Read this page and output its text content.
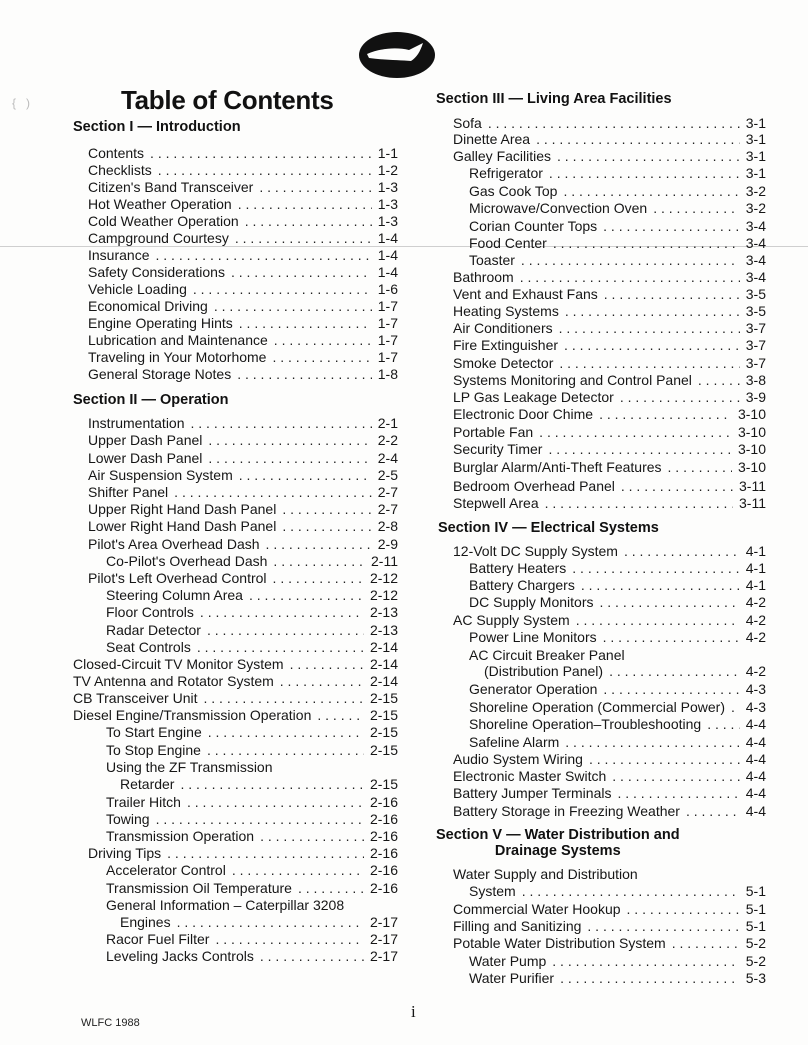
Table of Contents
{   )
Section I — Introduction
Contents . . .	1-1
Checklists . . .	1-2
Citizen's Band Transceiver . . .	1-3
Hot Weather Operation . . .	1-3
Cold Weather Operation . . .	1-3
Campground Courtesy . . .	1-4
Insurance . . .	1-4
Safety Considerations . . .	1-4
Vehicle Loading . . .	1-6
Economical Driving . . .	1-7
Engine Operating Hints . . .	1-7
Lubrication and Maintenance . . .	1-7
Traveling in Your Motorhome . . .	1-7
General Storage Notes . . .	1-8
Section II — Operation
Instrumentation . . .	2-1
Upper Dash Panel . . .	2-2
Lower Dash Panel . . .	2-4
Air Suspension System . . .	2-5
Shifter Panel . . .	2-7
Upper Right Hand Dash Panel . . .	2-7
Lower Right Hand Dash Panel . . .	2-8
Pilot's Area Overhead Dash . . .	2-9
Co-Pilot's Overhead Dash . . .	2-11
Pilot's Left Overhead Control . . .	2-12
Steering Column Area . . .	2-12
Floor Controls . . .	2-13
Radar Detector . . .	2-13
Seat Controls . . .	2-14
Closed-Circuit TV Monitor System . . .	2-14
TV Antenna and Rotator System . . .	2-14
CB Transceiver Unit . . .	2-15
Diesel Engine/Transmission Operation . . .	2-15
To Start Engine . . .	2-15
To Stop Engine . . .	2-15
Using the ZF Transmission
Retarder . . .	2-15
Trailer Hitch . . .	2-16
Towing . . .	2-16
Transmission Operation . . .	2-16
Driving Tips . . .	2-16
Accelerator Control . . .	2-16
Transmission Oil Temperature . . .	2-16
General Information – Caterpillar 3208
Engines . . .	2-17
Racor Fuel Filter . . .	2-17
Leveling Jacks Controls . . .	2-17
Section III — Living Area Facilities
Sofa . . .	3-1
Dinette Area . . .	3-1
Galley Facilities . . .	3-1
Refrigerator . . .	3-1
Gas Cook Top . . .	3-2
Microwave/Convection Oven . . .	3-2
Corian Counter Tops . . .	3-4
Food Center . . .	3-4
Toaster . . .	3-4
Bathroom . . .	3-4
Vent and Exhaust Fans . . .	3-5
Heating Systems . . .	3-5
Air Conditioners . . .	3-7
Fire Extinguisher . . .	3-7
Smoke Detector . . .	3-7
Systems Monitoring and Control Panel . . .	3-8
LP Gas Leakage Detector . . .	3-9
Electronic Door Chime . . .	3-10
Portable Fan . . .	3-10
Security Timer . . .	3-10
Burglar Alarm/Anti-Theft Features . . .	3-10
Bedroom Overhead Panel . . .	3-11
Stepwell Area . . .	3-11
Section IV — Electrical Systems
12-Volt DC Supply System . . .	4-1
Battery Heaters . . .	4-1
Battery Chargers . . .	4-1
DC Supply Monitors . . .	4-2
AC Supply System . . .	4-2
Power Line Monitors . . .	4-2
AC Circuit Breaker Panel
(Distribution Panel) . . .	4-2
Generator Operation . . .	4-3
Shoreline Operation (Commercial Power) . . . 4-3
Shoreline Operation–Troubleshooting . . .	4-4
Safeline Alarm . . .	4-4
Audio System Wiring . . .	4-4
Electronic Master Switch . . .	4-4
Battery Jumper Terminals . . .	4-4
Battery Storage in Freezing Weather . . .	4-4
Section V — Water Distribution and
Drainage Systems
Water Supply and Distribution
System . . .	5-1
Commercial Water Hookup . . .	5-1
Filling and Sanitizing . . .	5-1
Potable Water Distribution System . . .	5-2
Water Pump . . .	5-2
Water Purifier . . .	5-3
i
WLFC 1988
